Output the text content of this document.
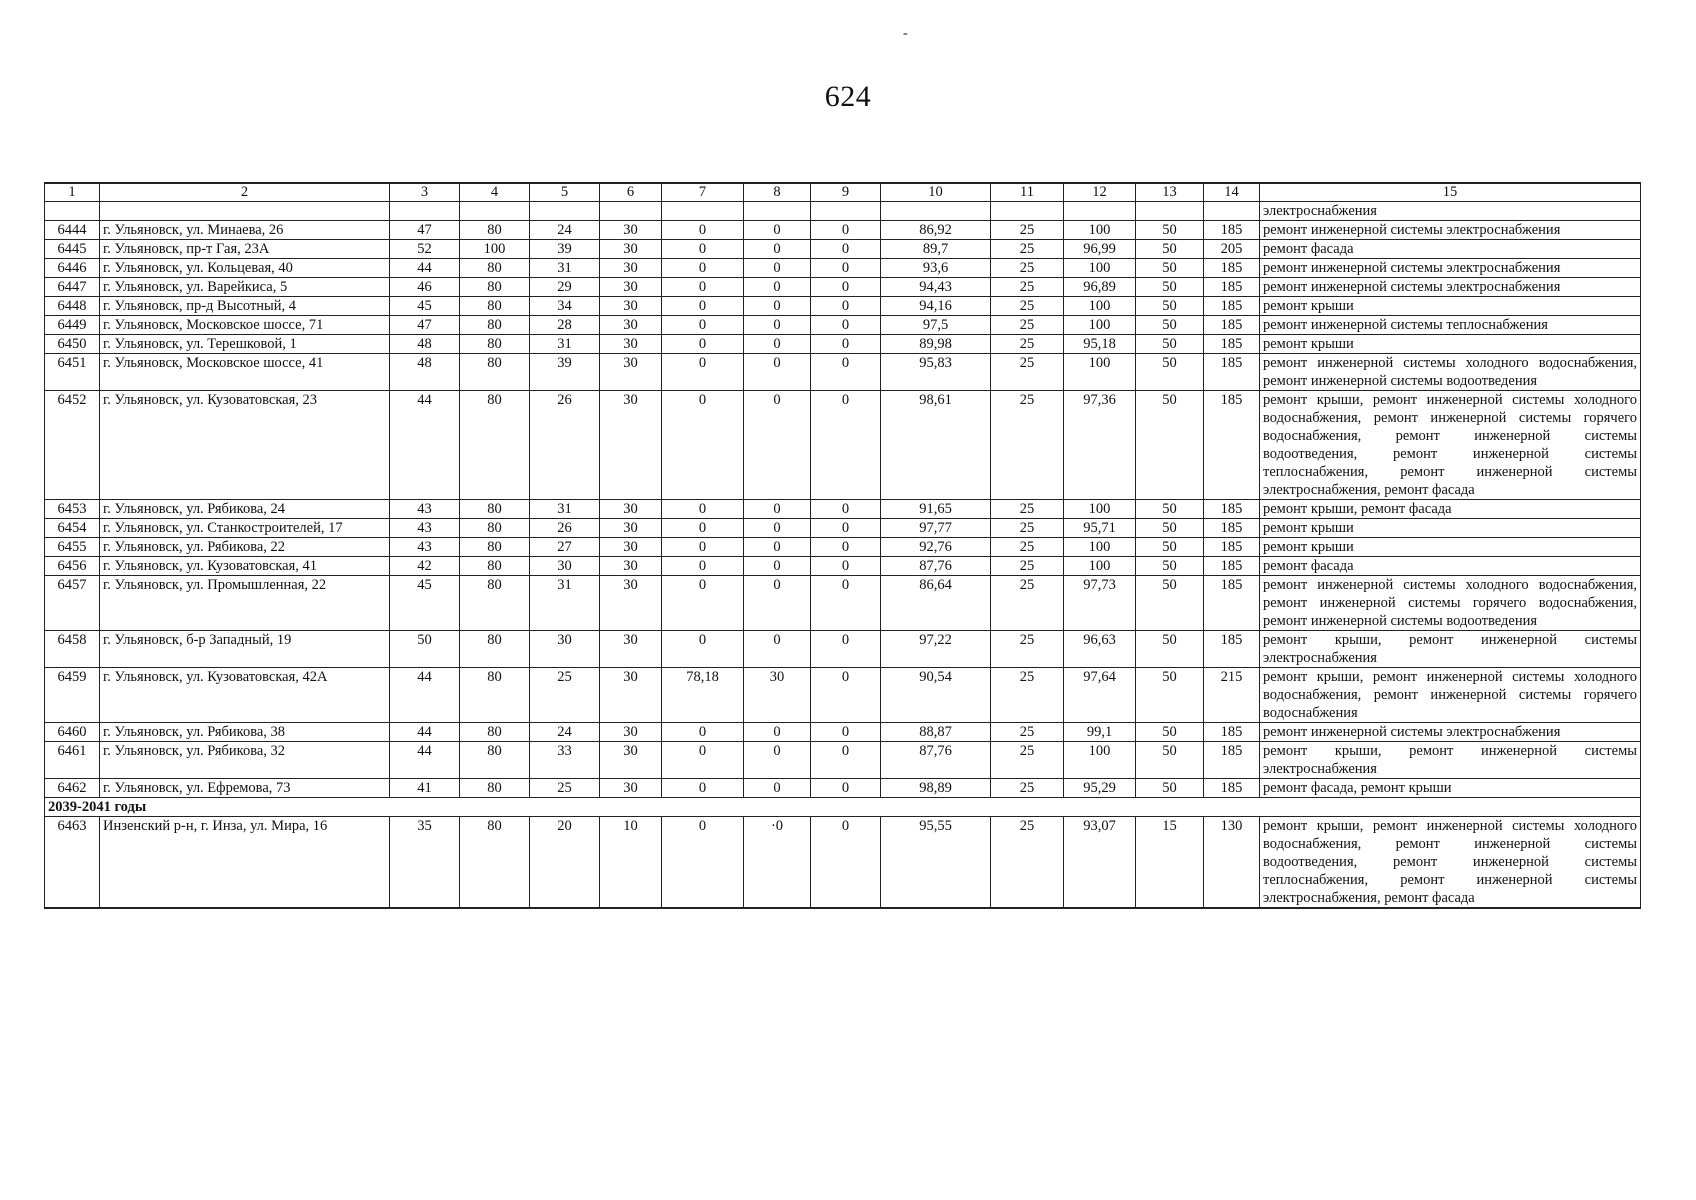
-
624
1	2	3	4	5	6	7	8	9	10	11	12	13	14	15
														электроснабжения
6444	г. Ульяновск, ул. Минаева, 26	47	80	24	30	0	0	0	86,92	25	100	50	185	ремонт инженерной системы электроснабжения
6445	г. Ульяновск, пр-т Гая, 23А	52	100	39	30	0	0	0	89,7	25	96,99	50	205	ремонт фасада
6446	г. Ульяновск, ул. Кольцевая, 40	44	80	31	30	0	0	0	93,6	25	100	50	185	ремонт инженерной системы электроснабжения
6447	г. Ульяновск, ул. Варейкиса, 5	46	80	29	30	0	0	0	94,43	25	96,89	50	185	ремонт инженерной системы электроснабжения
6448	г. Ульяновск, пр-д Высотный, 4	45	80	34	30	0	0	0	94,16	25	100	50	185	ремонт крыши
6449	г. Ульяновск, Московское шоссе, 71	47	80	28	30	0	0	0	97,5	25	100	50	185	ремонт инженерной системы теплоснабжения
6450	г. Ульяновск, ул. Терешковой, 1	48	80	31	30	0	0	0	89,98	25	95,18	50	185	ремонт крыши
6451	г. Ульяновск, Московское шоссе, 41	48	80	39	30	0	0	0	95,83	25	100	50	185	ремонт инженерной системы холодного водоснабжения, ремонт инженерной системы водоотведения
6452	г. Ульяновск, ул. Кузоватовская, 23	44	80	26	30	0	0	0	98,61	25	97,36	50	185	ремонт крыши, ремонт инженерной системы холодного водоснабжения, ремонт инженерной системы горячего водоснабжения, ремонт инженерной системы водоотведения, ремонт инженерной системы теплоснабжения, ремонт инженерной системы электроснабжения, ремонт фасада
6453	г. Ульяновск, ул. Рябикова, 24	43	80	31	30	0	0	0	91,65	25	100	50	185	ремонт крыши, ремонт фасада
6454	г. Ульяновск, ул. Станкостроителей, 17	43	80	26	30	0	0	0	97,77	25	95,71	50	185	ремонт крыши
6455	г. Ульяновск, ул. Рябикова, 22	43	80	27	30	0	0	0	92,76	25	100	50	185	ремонт крыши
6456	г. Ульяновск, ул. Кузоватовская, 41	42	80	30	30	0	0	0	87,76	25	100	50	185	ремонт фасада
6457	г. Ульяновск, ул. Промышленная, 22	45	80	31	30	0	0	0	86,64	25	97,73	50	185	ремонт инженерной системы холодного водоснабжения, ремонт инженерной системы горячего водоснабжения, ремонт инженерной системы водоотведения
6458	г. Ульяновск, б-р Западный, 19	50	80	30	30	0	0	0	97,22	25	96,63	50	185	ремонт крыши, ремонт инженерной системы электроснабжения
6459	г. Ульяновск, ул. Кузоватовская, 42А	44	80	25	30	78,18	30	0	90,54	25	97,64	50	215	ремонт крыши, ремонт инженерной системы холодного водоснабжения, ремонт инженерной системы горячего водоснабжения
6460	г. Ульяновск, ул. Рябикова, 38	44	80	24	30	0	0	0	88,87	25	99,1	50	185	ремонт инженерной системы электроснабжения
6461	г. Ульяновск, ул. Рябикова, 32	44	80	33	30	0	0	0	87,76	25	100	50	185	ремонт крыши, ремонт инженерной системы электроснабжения
6462	г. Ульяновск, ул. Ефремова, 73	41	80	25	30	0	0	0	98,89	25	95,29	50	185	ремонт фасада, ремонт крыши
2039-2041 годы														
6463	Инзенский р-н, г. Инза, ул. Мира, 16	35	80	20	10	0	·0	0	95,55	25	93,07	15	130	ремонт крыши, ремонт инженерной системы холодного водоснабжения, ремонт инженерной системы водоотведения, ремонт инженерной системы теплоснабжения, ремонт инженерной системы электроснабжения, ремонт фасада
